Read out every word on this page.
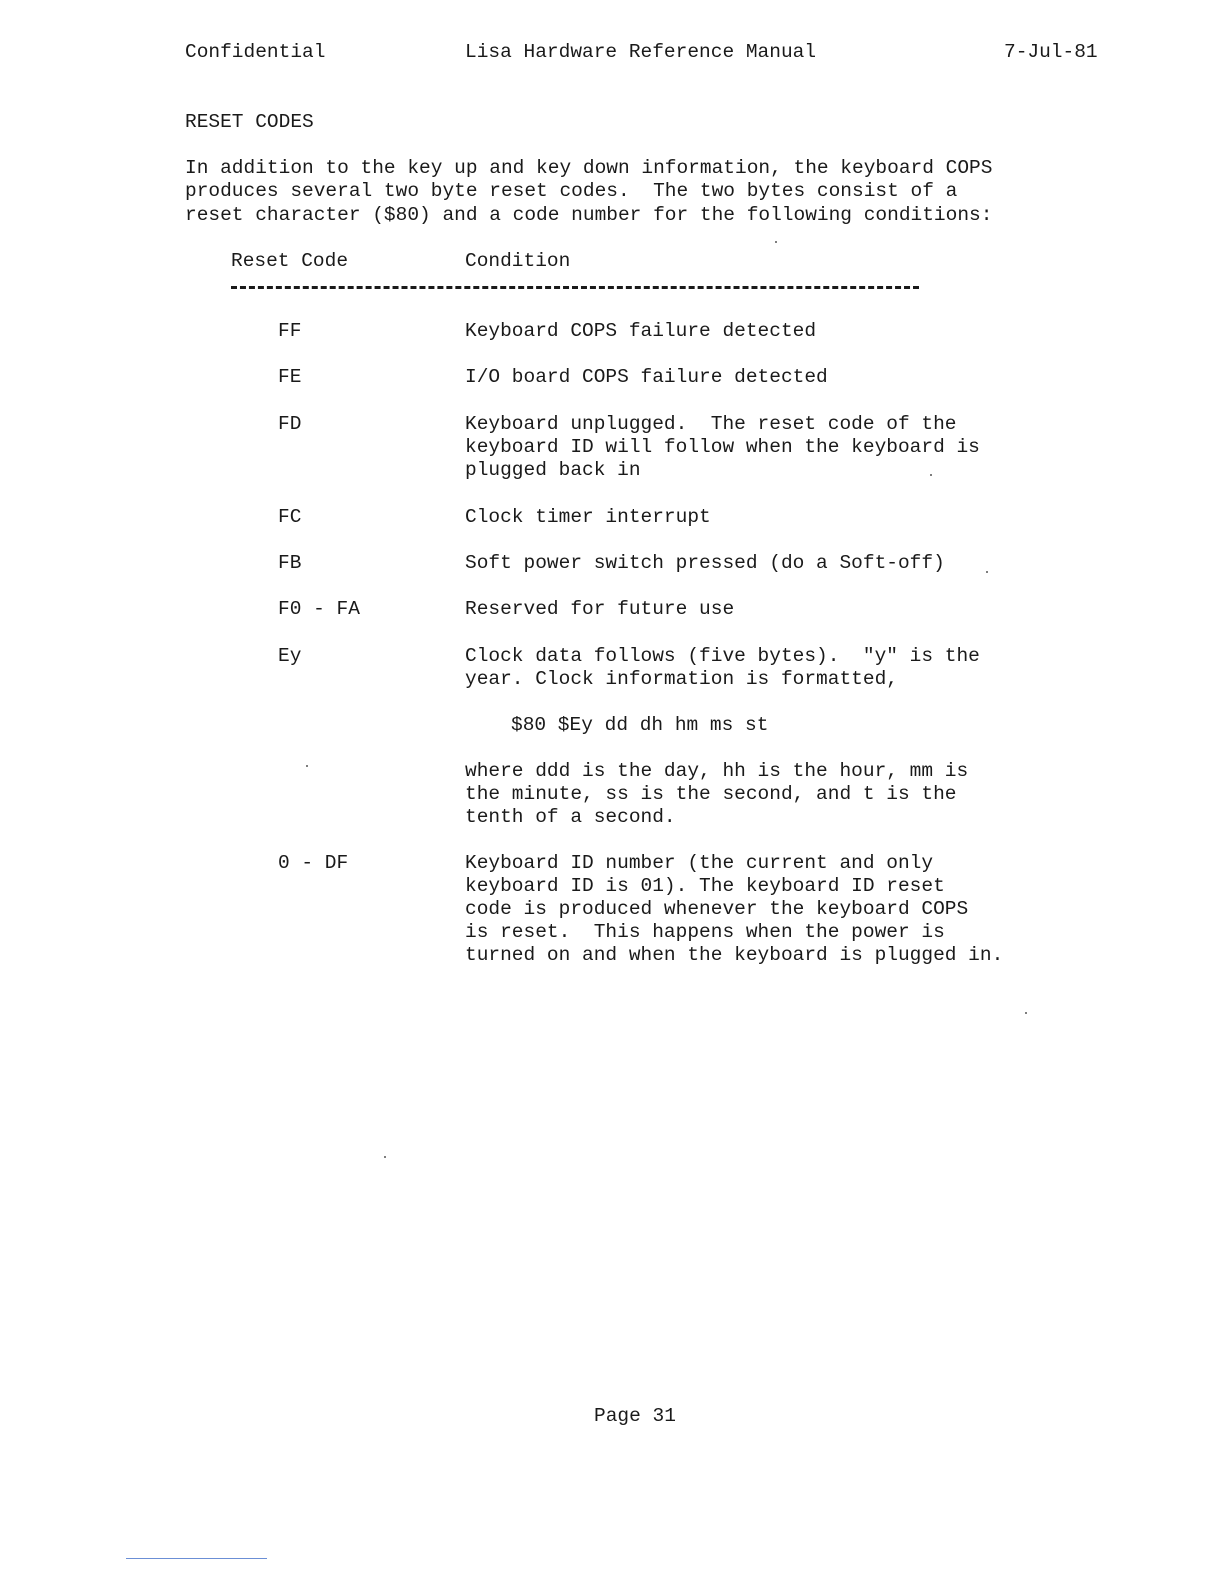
Confidential	Lisa Hardware Reference Manual	7-Jul-81
RESET CODES
In addition to the key up and key down information, the keyboard COPS
produces several two byte reset codes.  The two bytes consist of a
reset character ($80) and a code number for the following conditions:
Reset Code	Condition
FF	Keyboard COPS failure detected
FE	I/O board COPS failure detected
FD	Keyboard unplugged.  The reset code of the
keyboard ID will follow when the keyboard is
plugged back in
FC	Clock timer interrupt
FB	Soft power switch pressed (do a Soft-off)
F0 - FA	Reserved for future use
Ey	Clock data follows (five bytes).  "y" is the
year. Clock information is formatted,
$80 $Ey dd dh hm ms st
where ddd is the day, hh is the hour, mm is
the minute, ss is the second, and t is the
tenth of a second.
0 - DF	Keyboard ID number (the current and only
keyboard ID is 01). The keyboard ID reset
code is produced whenever the keyboard COPS
is reset.  This happens when the power is
turned on and when the keyboard is plugged in.
Page 31
